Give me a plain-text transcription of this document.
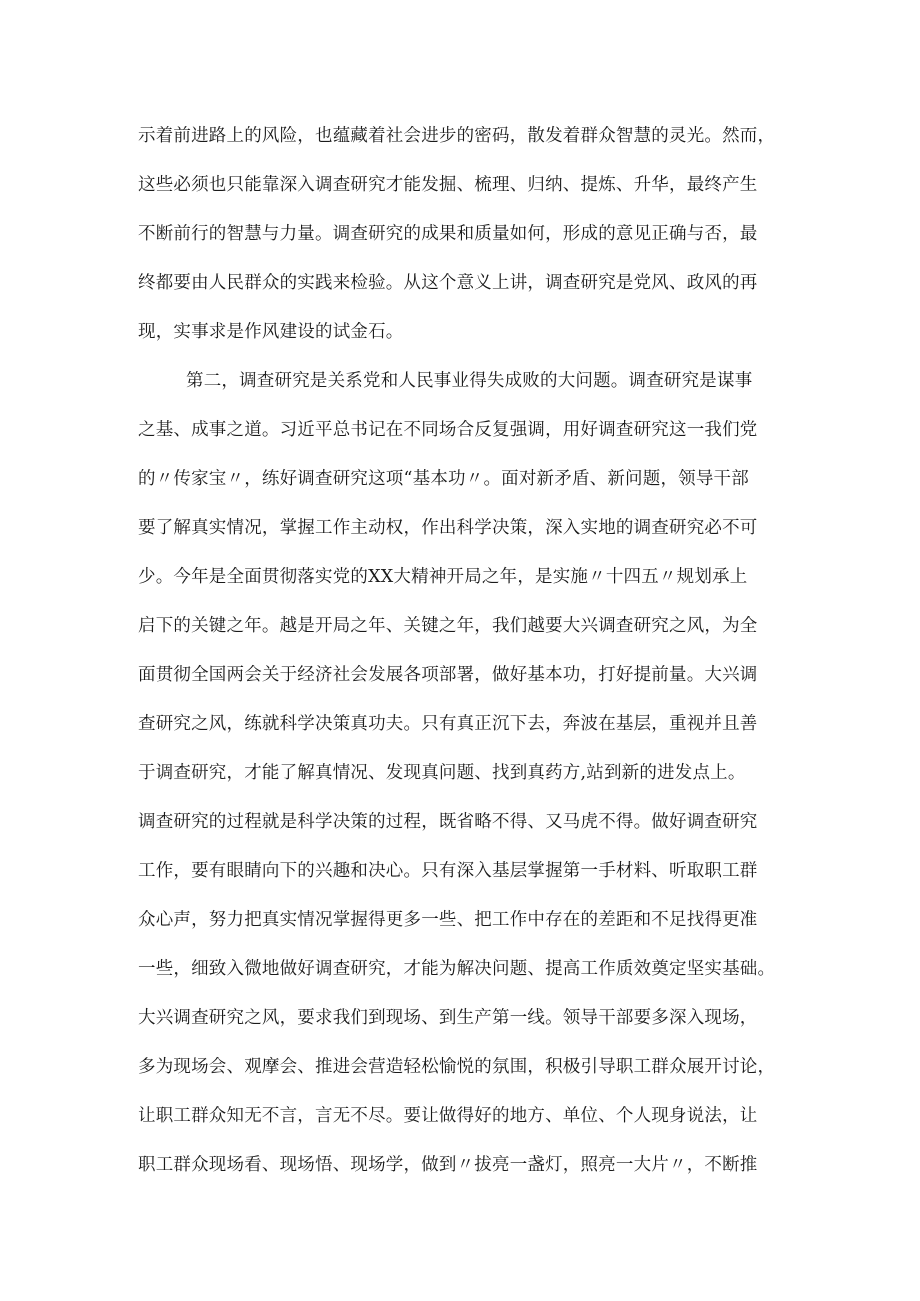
示着前进路上的风险，也蕴藏着社会进步的密码，散发着群众智慧的灵光。然而，
这些必须也只能靠深入调查研究才能发掘、梳理、归纳、提炼、升华，最终产生
不断前行的智慧与力量。调查研究的成果和质量如何，形成的意见正确与否，最
终都要由人民群众的实践来检验。从这个意义上讲，调查研究是党风、政风的再
现，实事求是作风建设的试金石。
第二，调查研究是关系党和人民事业得失成败的大问题。调查研究是谋事
之基、成事之道。习近平总书记在不同场合反复强调，用好调查研究这一我们党
的〃传家宝〃，练好调查研究这项“基本功〃。面对新矛盾、新问题，领导干部
要了解真实情况，掌握工作主动权，作出科学决策，深入实地的调查研究必不可
少。今年是全面贯彻落实党的XX大精神开局之年，是实施〃十四五〃规划承上
启下的关键之年。越是开局之年、关键之年，我们越要大兴调查研究之风，为全
面贯彻全国两会关于经济社会发展各项部署，做好基本功，打好提前量。大兴调
查研究之风，练就科学决策真功夫。只有真正沉下去，奔波在基层，重视并且善
于调查研究，才能了解真情况、发现真问题、找到真药方,站到新的进发点上。
调查研究的过程就是科学决策的过程，既省略不得、又马虎不得。做好调查研究
工作，要有眼睛向下的兴趣和决心。只有深入基层掌握第一手材料、听取职工群
众心声，努力把真实情况掌握得更多一些、把工作中存在的差距和不足找得更准
一些，细致入微地做好调查研究，才能为解决问题、提高工作质效奠定坚实基础。
大兴调查研究之风，要求我们到现场、到生产第一线。领导干部要多深入现场，
多为现场会、观摩会、推进会营造轻松愉悦的氛围，积极引导职工群众展开讨论，
让职工群众知无不言，言无不尽。要让做得好的地方、单位、个人现身说法，让
职工群众现场看、现场悟、现场学，做到〃拔亮一盏灯，照亮一大片〃，不断推
